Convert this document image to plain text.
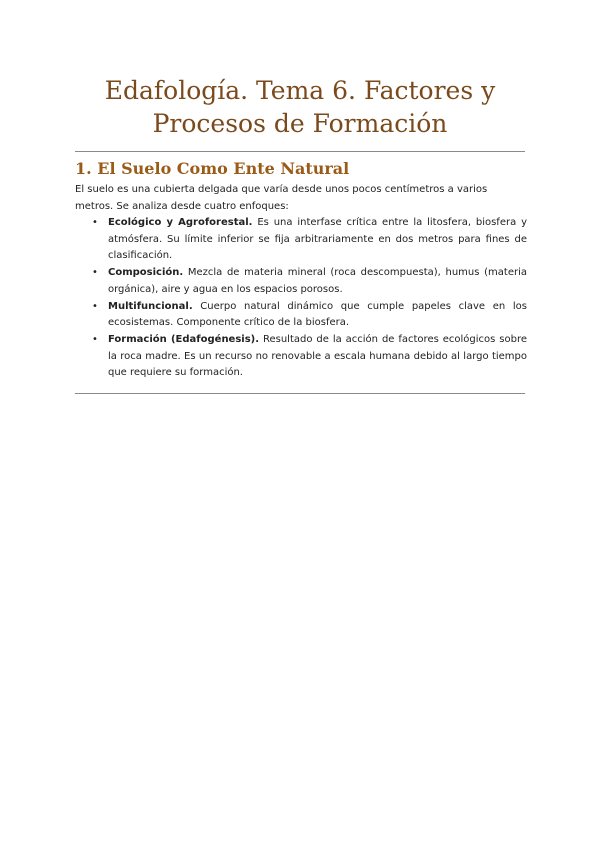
Edafología. Tema 6. Factores y
Procesos de Formación
1. El Suelo Como Ente Natural

El suelo es una cubierta delgada que varía desde unos pocos centímetros a varios metros. Se analiza desde cuatro enfoques:

•	Ecológico y Agroforestal. Es una interfase crítica entre la litosfera, biosfera y atmósfera. Su límite inferior se fija arbitrariamente en dos metros para fines de clasificación.
•	Composición. Mezcla de materia mineral (roca descompuesta), humus (materia orgánica), aire y agua en los espacios porosos.
•	Multifuncional. Cuerpo natural dinámico que cumple papeles clave en los ecosistemas. Componente crítico de la biosfera.
•	Formación (Edafogénesis). Resultado de la acción de factores ecológicos sobre la roca madre. Es un recurso no renovable a escala humana debido al largo tiempo que requiere su formación.
